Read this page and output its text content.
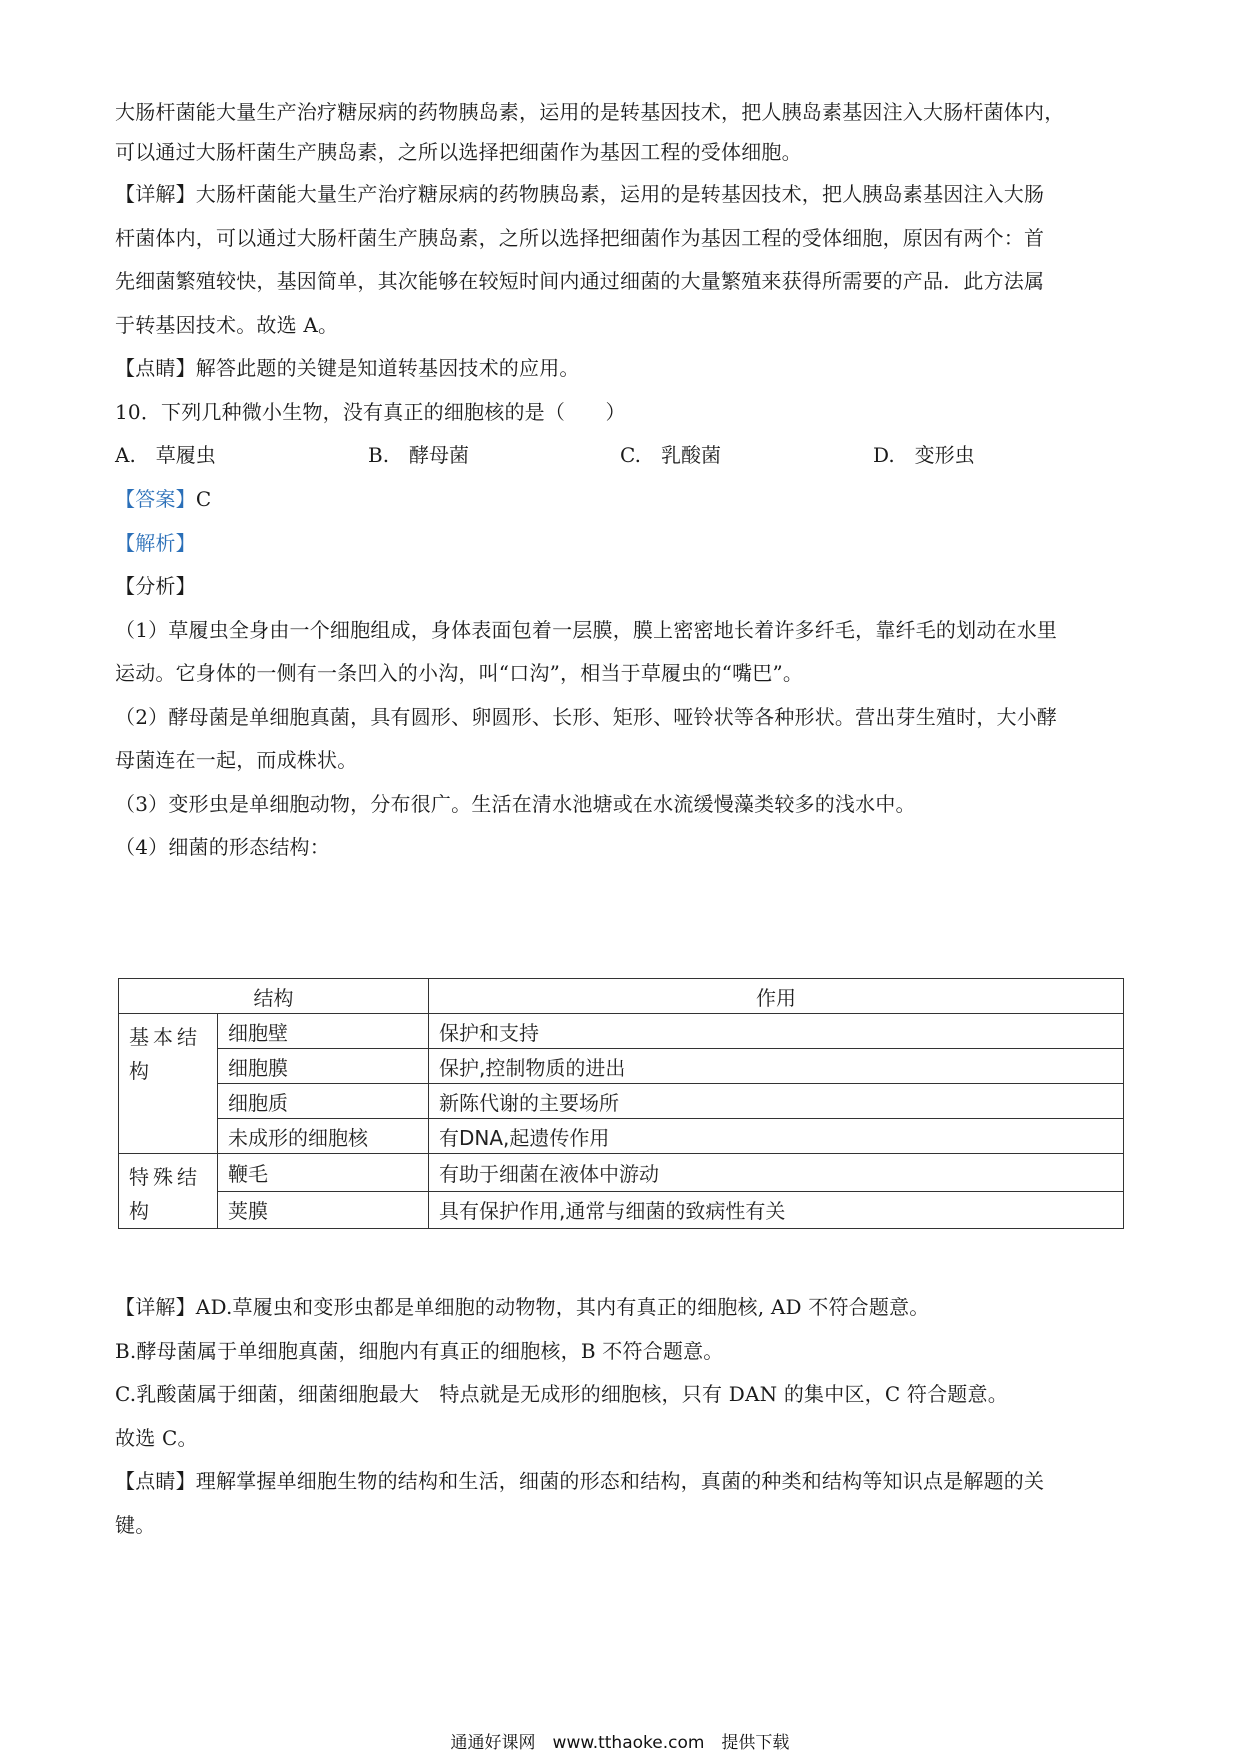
大肠杆菌能大量生产治疗糖尿病的药物胰岛素，运用的是转基因技术，把人胰岛素基因注入大肠杆菌体内，
可以通过大肠杆菌生产胰岛素，之所以选择把细菌作为基因工程的受体细胞。
【详解】大肠杆菌能大量生产治疗糖尿病的药物胰岛素，运用的是转基因技术，把人胰岛素基因注入大肠
杆菌体内，可以通过大肠杆菌生产胰岛素，之所以选择把细菌作为基因工程的受体细胞，原因有两个：首
先细菌繁殖较快，基因简单，其次能够在较短时间内通过细菌的大量繁殖来获得所需要的产品．此方法属
于转基因技术。故选 A。
【点睛】解答此题的关键是知道转基因技术的应用。
10．下列几种微小生物，没有真正的细胞核的是（　　）
A.　草履虫	B.　酵母菌	C.　乳酸菌	D.　变形虫
【答案】C
【解析】
【分析】
（1）草履虫全身由一个细胞组成，身体表面包着一层膜，膜上密密地长着许多纤毛，靠纤毛的划动在水里
运动。它身体的一侧有一条凹入的小沟，叫“口沟”，相当于草履虫的“嘴巴”。
（2）酵母菌是单细胞真菌，具有圆形、卵圆形、长形、矩形、哑铃状等各种形状。营出芽生殖时，大小酵
母菌连在一起，而成株状。
（3）变形虫是单细胞动物，分布很广。生活在清水池塘或在水流缓慢藻类较多的浅水中。
（4）细菌的形态结构：
结构		作用
基本结构	细胞壁	保护和支持
	细胞膜	保护,控制物质的进出
	细胞质	新陈代谢的主要场所
	未成形的细胞核	有DNA,起遗传作用
特殊结构	鞭毛	有助于细菌在液体中游动
	荚膜	具有保护作用,通常与细菌的致病性有关
【详解】AD.草履虫和变形虫都是单细胞的动物物，其内有真正的细胞核, AD 不符合题意。
B.酵母菌属于单细胞真菌，细胞内有真正的细胞核，B 不符合题意。
C.乳酸菌属于细菌，细菌细胞最大　特点就是无成形的细胞核，只有 DAN 的集中区，C 符合题意。
故选 C。
【点睛】理解掌握单细胞生物的结构和生活，细菌的形态和结构，真菌的种类和结构等知识点是解题的关
键。
通通好课网　www.tthaoke.com　提供下载
